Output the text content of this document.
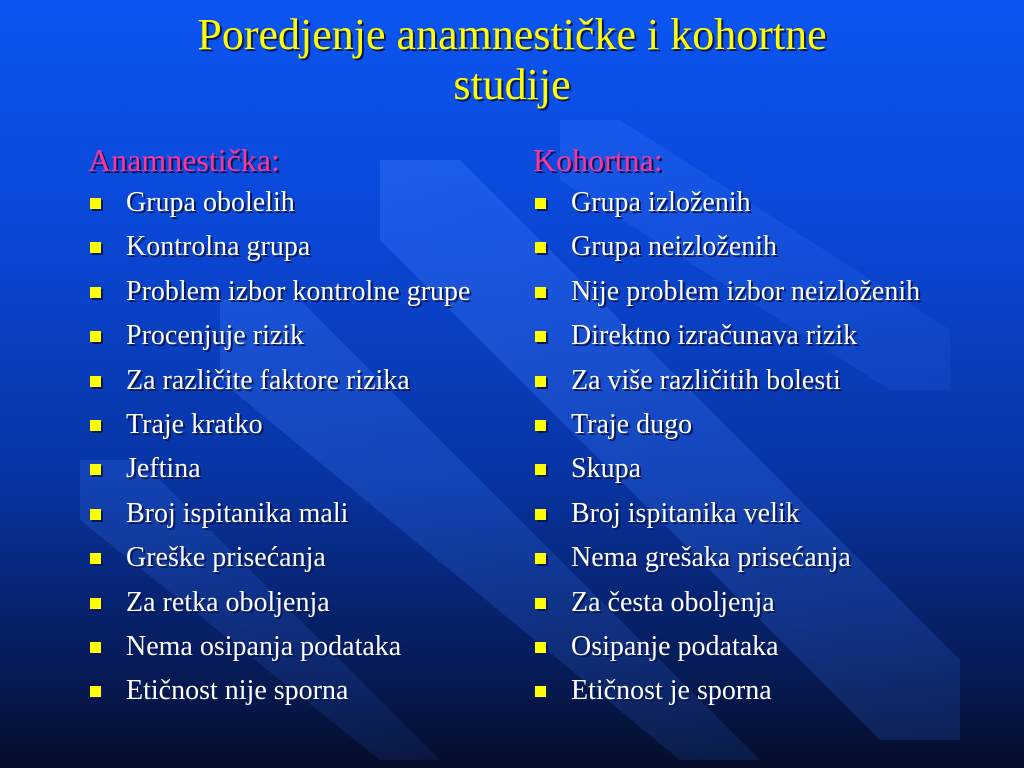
Poredjenje anamnestičke i kohortne
studije
Anamnestička:
Grupa obolelih
Kontrolna grupa
Problem izbor kontrolne grupe
Procenjuje rizik
Za različite faktore rizika
Traje kratko
Jeftina
Broj ispitanika mali
Greške prisećanja
Za retka oboljenja
Nema osipanja podataka
Etičnost nije sporna
Kohortna:
Grupa izloženih
Grupa neizloženih
Nije problem izbor neizloženih
Direktno izračunava rizik
Za više različitih bolesti
Traje dugo
Skupa
Broj ispitanika velik
Nema grešaka prisećanja
Za česta oboljenja
Osipanje podataka
Etičnost je sporna
